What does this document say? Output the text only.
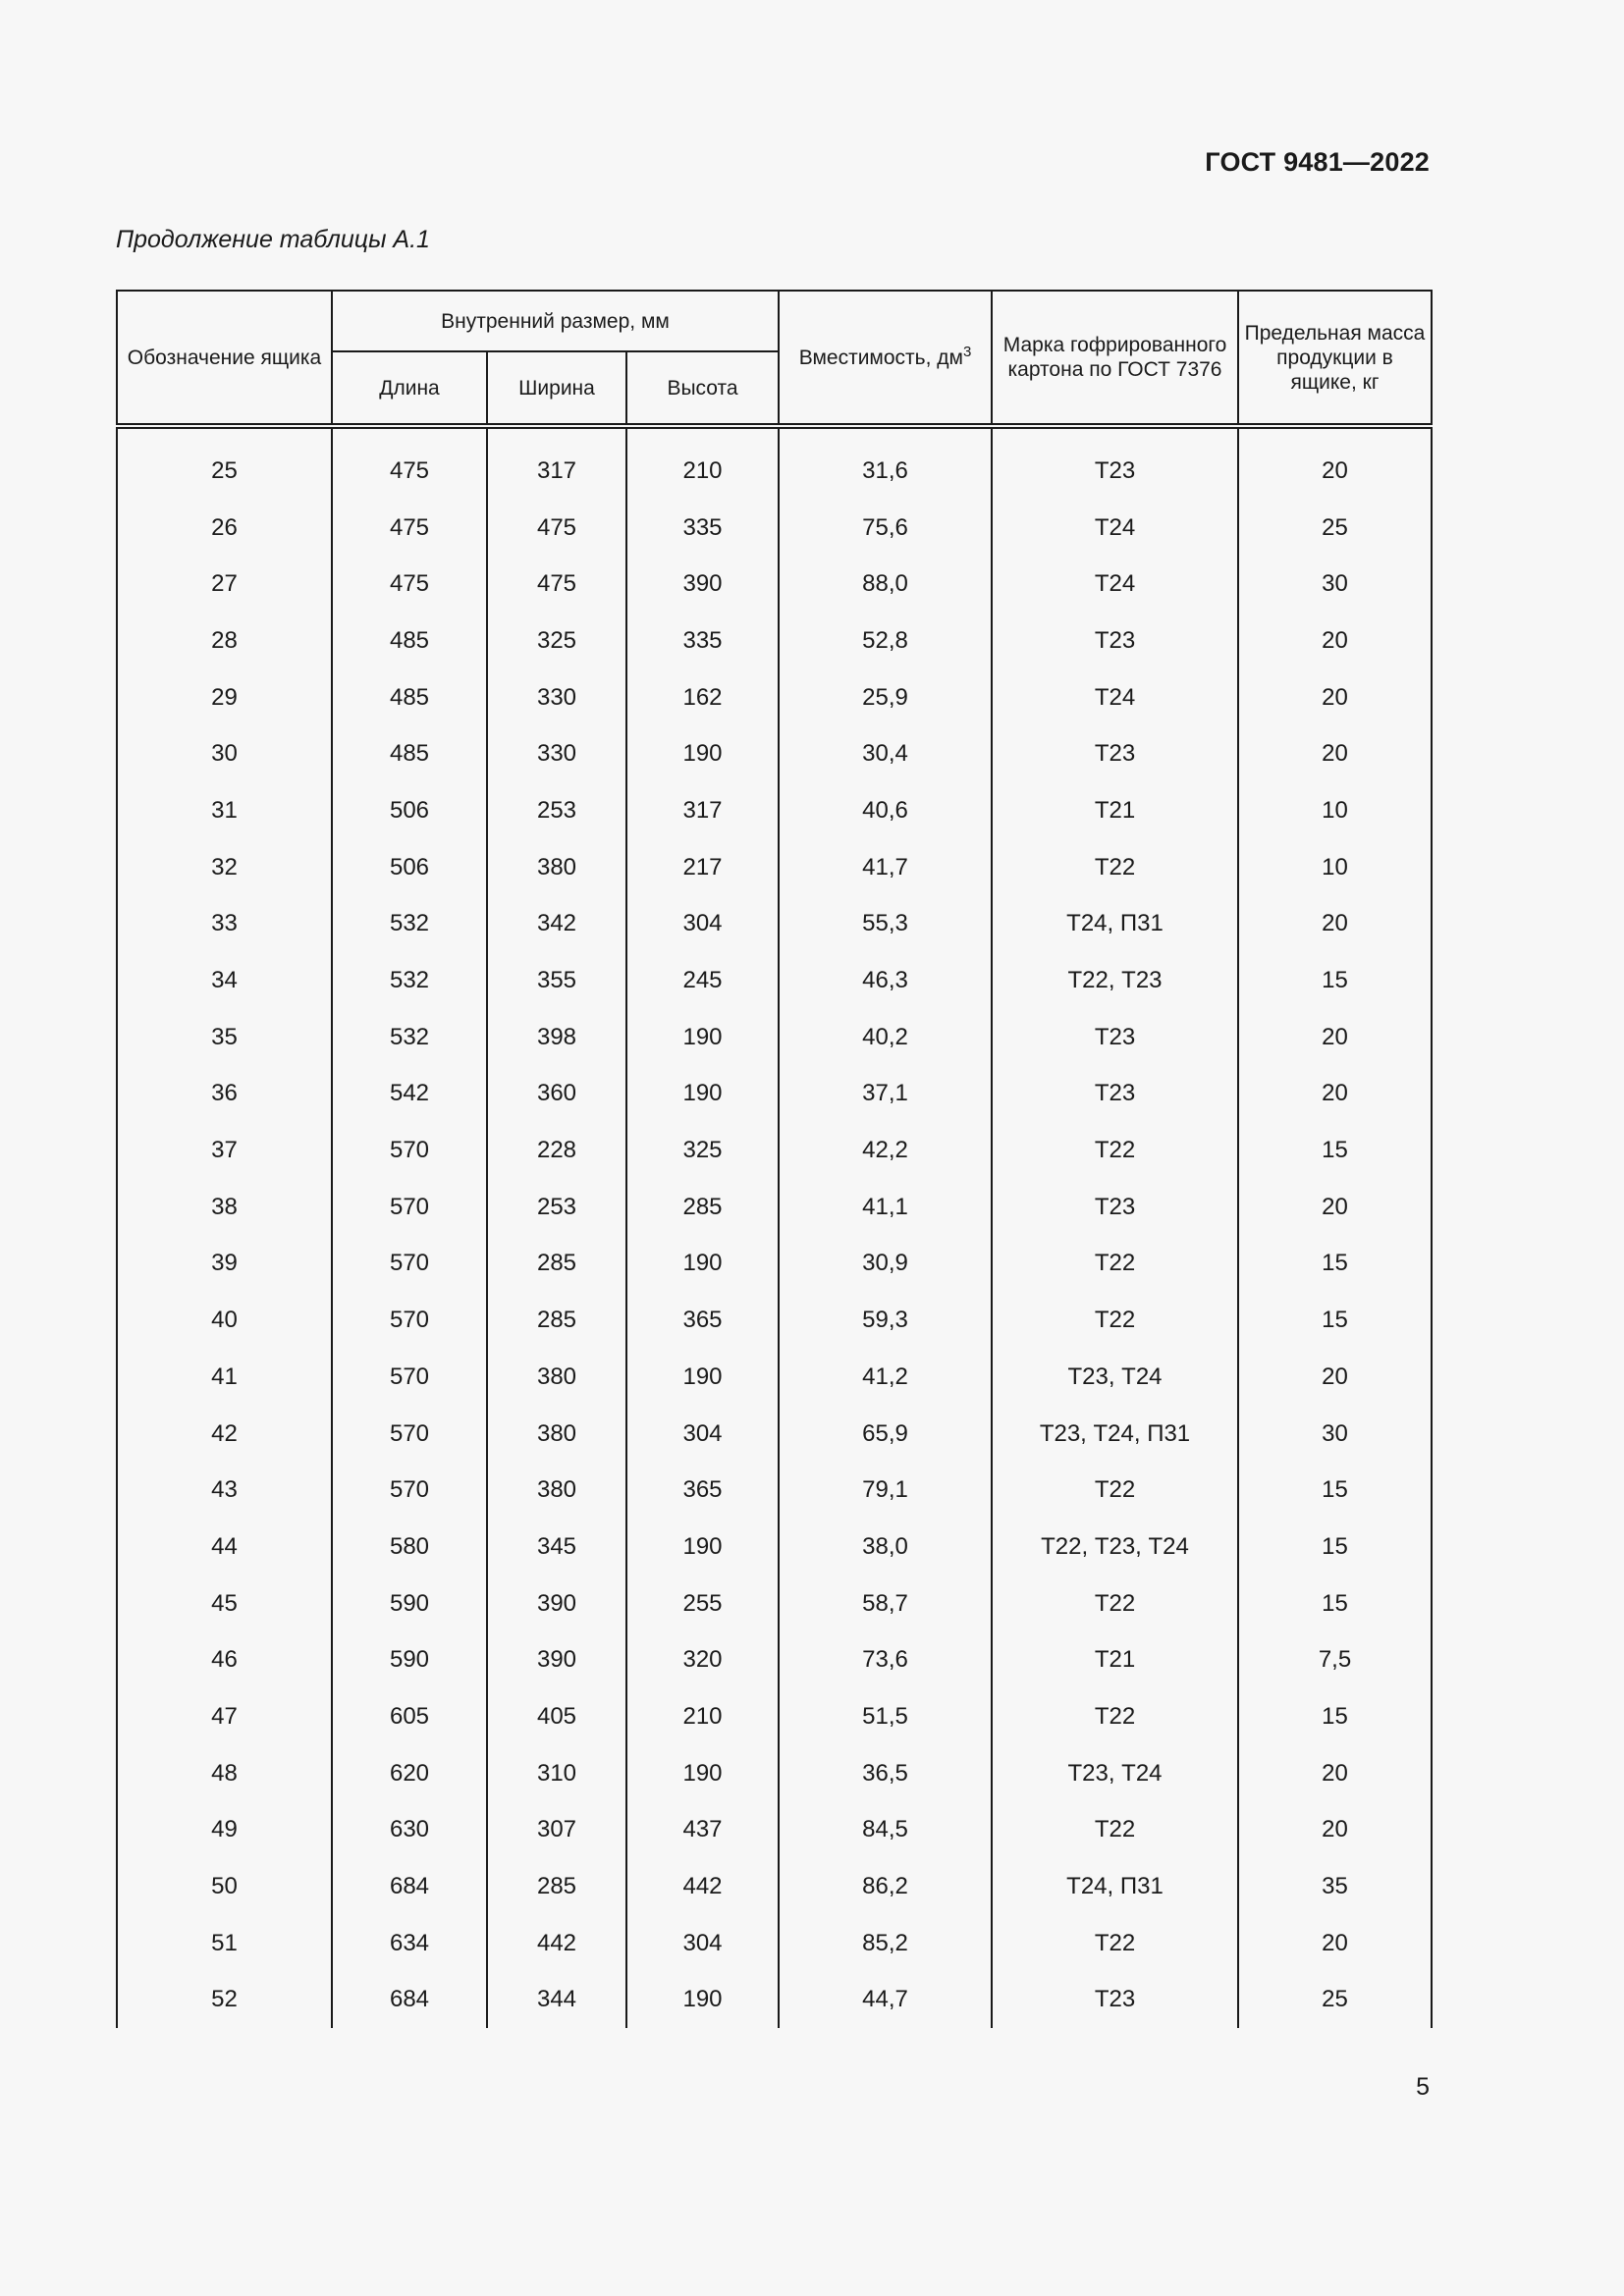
ГОСТ 9481—2022
Продолжение таблицы А.1
Обозначение ящика	Внутренний размер, мм			Вместимость, $дм^3$	Марка гофрированного картона по ГОСТ 7376	Предельная масса продукции в ящике, кг
	Длина	Ширина	Высота			
25	475	317	210	31,6	Т23	20
26	475	475	335	75,6	Т24	25
27	475	475	390	88,0	Т24	30
28	485	325	335	52,8	Т23	20
29	485	330	162	25,9	Т24	20
30	485	330	190	30,4	Т23	20
31	506	253	317	40,6	Т21	10
32	506	380	217	41,7	Т22	10
33	532	342	304	55,3	Т24, П31	20
34	532	355	245	46,3	Т22, Т23	15
35	532	398	190	40,2	Т23	20
36	542	360	190	37,1	Т23	20
37	570	228	325	42,2	Т22	15
38	570	253	285	41,1	Т23	20
39	570	285	190	30,9	Т22	15
40	570	285	365	59,3	Т22	15
41	570	380	190	41,2	Т23, Т24	20
42	570	380	304	65,9	Т23, Т24, П31	30
43	570	380	365	79,1	Т22	15
44	580	345	190	38,0	Т22, Т23, Т24	15
45	590	390	255	58,7	Т22	15
46	590	390	320	73,6	Т21	7,5
47	605	405	210	51,5	Т22	15
48	620	310	190	36,5	Т23, Т24	20
49	630	307	437	84,5	Т22	20
50	684	285	442	86,2	Т24, П31	35
51	634	442	304	85,2	Т22	20
52	684	344	190	44,7	Т23	25
5
